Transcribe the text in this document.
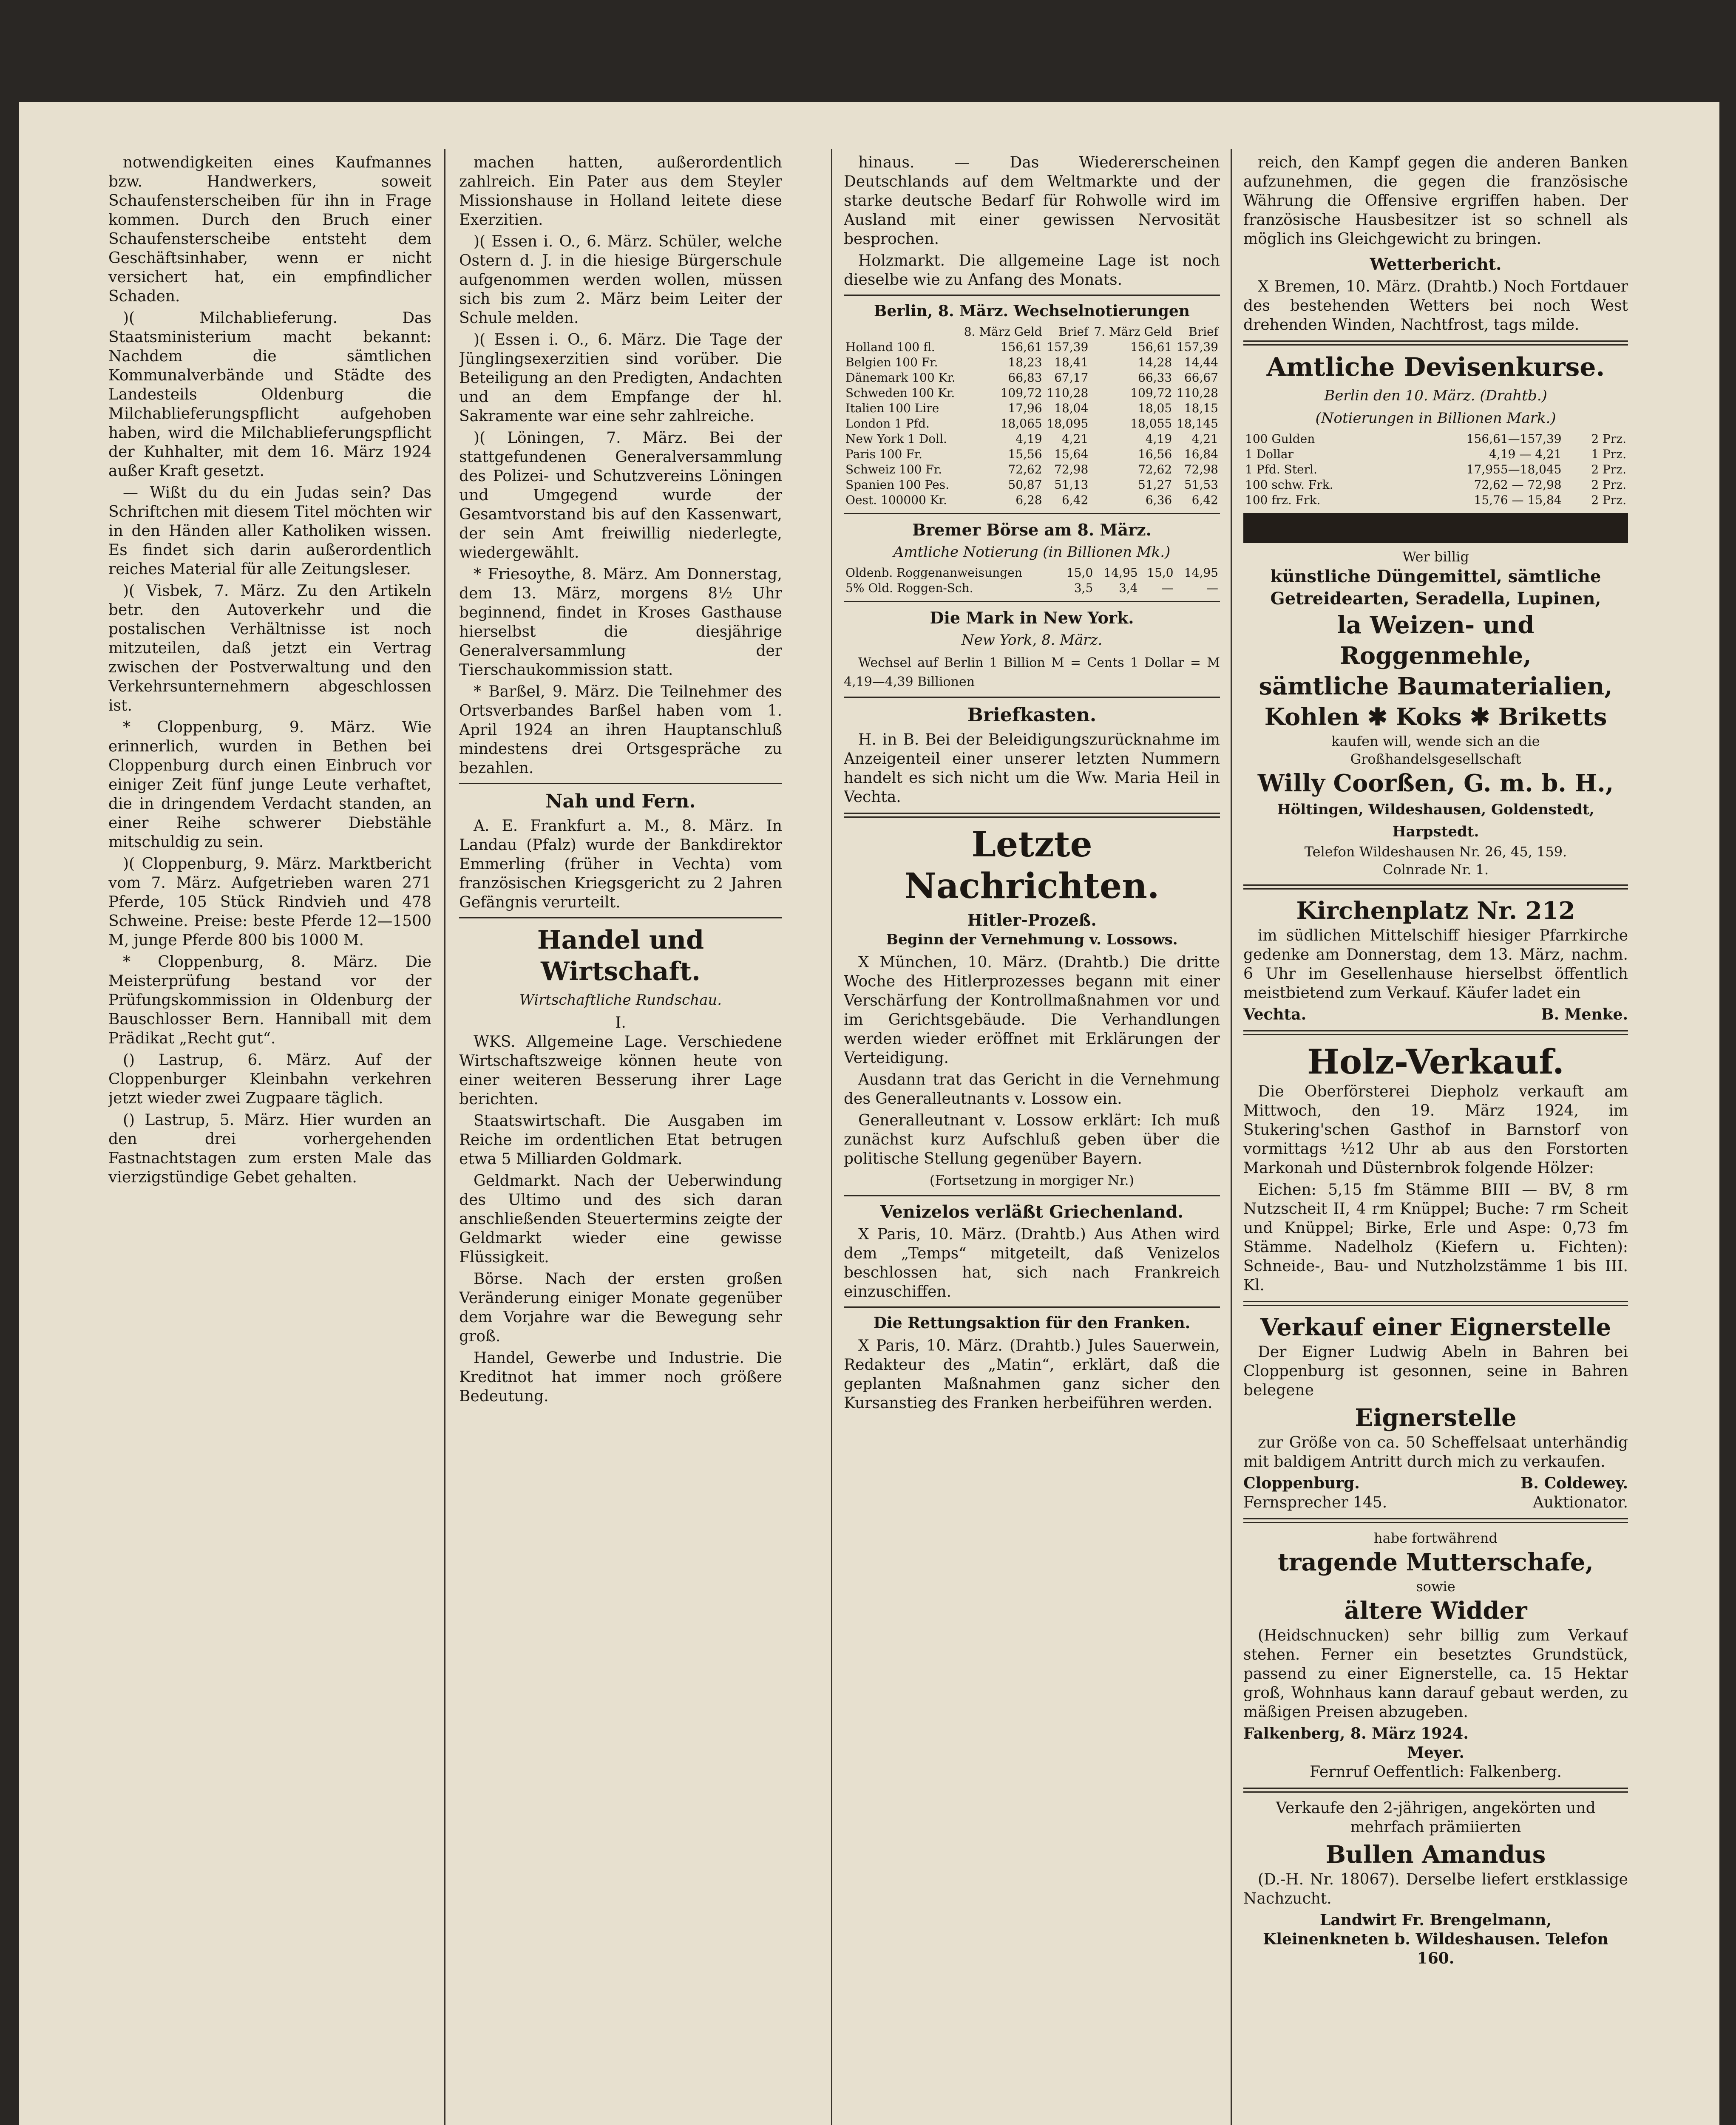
notwendigkeiten eines Kaufmannes bzw. Handwerkers, soweit Schaufensterscheiben für ihn in Frage kommen. Durch den Bruch einer Schaufensterscheibe entsteht dem Geschäftsinhaber, wenn er nicht versichert hat, ein empfindlicher Schaden.

)( Milchablieferung. Das Staatsministerium macht bekannt: Nachdem die sämtlichen Kommunalverbände und Städte des Landesteils Oldenburg die Milchablieferungspflicht aufgehoben haben, wird die Milchablieferungspflicht der Kuhhalter, mit dem 16. März 1924 außer Kraft gesetzt.

— Wißt du du ein Judas sein? Das Schriftchen mit diesem Titel möchten wir in den Händen aller Katholiken wissen. Es findet sich darin außerordentlich reiches Material für alle Zeitungsleser.

)( Visbek, 7. März. Zu den Artikeln betr. den Autoverkehr und die postalischen Verhältnisse ist noch mitzuteilen, daß jetzt ein Vertrag zwischen der Postverwaltung und den Verkehrsunternehmern abgeschlossen ist.

* Cloppenburg, 9. März. Wie erinnerlich, wurden in Bethen bei Cloppenburg durch einen Einbruch vor einiger Zeit fünf junge Leute verhaftet, die in dringendem Verdacht standen, an einer Reihe schwerer Diebstähle mitschuldig zu sein.

)( Cloppenburg, 9. März. Marktbericht vom 7. März. Aufgetrieben waren 271 Pferde, 105 Stück Rindvieh und 478 Schweine. Preise: beste Pferde 12—1500 M, junge Pferde 800 bis 1000 M.

* Cloppenburg, 8. März. Die Meisterprüfung bestand vor der Prüfungskommission in Oldenburg der Bauschlosser Bern. Hanniball mit dem Prädikat „Recht gut“.

() Lastrup, 6. März. Auf der Cloppenburger Kleinbahn verkehren jetzt wieder zwei Zugpaare täglich.

() Lastrup, 5. März. Hier wurden an den drei vorhergehenden Fastnachtstagen zum ersten Male das vierzigstündige Gebet gehalten.

machen hatten, außerordentlich zahlreich. Ein Pater aus dem Steyler Missionshause in Holland leitete diese Exerzitien.

)( Essen i. O., 6. März. Schüler, welche Ostern d. J. in die hiesige Bürgerschule aufgenommen werden wollen, müssen sich bis zum 2. März beim Leiter der Schule melden.

)( Essen i. O., 6. März. Die Tage der Jünglingsexerzitien sind vorüber. Die Beteiligung an den Predigten, Andachten und an dem Empfange der hl. Sakramente war eine sehr zahlreiche.

)( Löningen, 7. März. Bei der stattgefundenen Generalversammlung des Polizei- und Schutzvereins Löningen und Umgegend wurde der Gesamtvorstand bis auf den Kassenwart, der sein Amt freiwillig niederlegte, wiedergewählt.

* Friesoythe, 8. März. Am Donnerstag, dem 13. März, morgens 8½ Uhr beginnend, findet in Kroses Gasthause hierselbst die diesjährige Generalversammlung der Tierschaukommission statt.

* Barßel, 9. März. Die Teilnehmer des Ortsverbandes Barßel haben vom 1. April 1924 an ihren Hauptanschluß mindestens drei Ortsgespräche zu bezahlen.

Nah und Fern.

A. E. Frankfurt a. M., 8. März. In Landau (Pfalz) wurde der Bankdirektor Emmerling (früher in Vechta) vom französischen Kriegsgericht zu 2 Jahren Gefängnis verurteilt.

Handel und Wirtschaft.
Wirtschaftliche Rundschau.
I.

WKS. Allgemeine Lage. Verschiedene Wirtschaftszweige können heute von einer weiteren Besserung ihrer Lage berichten.

Staatswirtschaft. Die Ausgaben im Reiche im ordentlichen Etat betrugen etwa 5 Milliarden Goldmark.

Geldmarkt. Nach der Ueberwindung des Ultimo und des sich daran anschließenden Steuertermins zeigte der Geldmarkt wieder eine gewisse Flüssigkeit.

Börse. Nach der ersten großen Veränderung einiger Monate gegenüber dem Vorjahre war die Bewegung sehr groß.

Handel, Gewerbe und Industrie. Die Kreditnot hat immer noch größere Bedeutung.

hinaus. — Das Wiedererscheinen Deutschlands auf dem Weltmarkte und der starke deutsche Bedarf für Rohwolle wird im Ausland mit einer gewissen Nervosität besprochen.

Holzmarkt. Die allgemeine Lage ist noch dieselbe wie zu Anfang des Monats.

Berlin, 8. März. Wechselnotierungen
	8. März Geld	Brief	7. März Geld	Brief
Holland 100 fl.	156,61	157,39	156,61	157,39
Belgien 100 Fr.	18,23	18,41	14,28	14,44
Dänemark 100 Kr.	66,83	67,17	66,33	66,67
Schweden 100 Kr.	109,72	110,28	109,72	110,28
Italien 100 Lire	17,96	18,04	18,05	18,15
London 1 Pfd.	18,065	18,095	18,055	18,145
New York 1 Doll.	4,19	4,21	4,19	4,21
Paris 100 Fr.	15,56	15,64	16,56	16,84
Schweiz 100 Fr.	72,62	72,98	72,62	72,98
Spanien 100 Pes.	50,87	51,13	51,27	51,53
Oest. 100000 Kr.	6,28	6,42	6,36	6,42
Bremer Börse am 8. März.
Amtliche Notierung (in Billionen Mk.)
Oldenb. Roggenanweisungen	15,0	14,95	15,0	14,95
5% Old. Roggen-Sch.	3,5	3,4	—	—
Die Mark in New York.
New York, 8. März.

Wechsel auf Berlin 1 Billion M = Cents 1 Dollar = M 4,19—4,39 Billionen

Briefkasten.

H. in B. Bei der Beleidigungszurücknahme im Anzeigenteil einer unserer letzten Nummern handelt es sich nicht um die Ww. Maria Heil in Vechta.

Letzte Nachrichten.
Hitler-Prozeß.
Beginn der Vernehmung v. Lossows.

X München, 10. März. (Drahtb.) Die dritte Woche des Hitlerprozesses begann mit einer Verschärfung der Kontrollmaßnahmen vor und im Gerichtsgebäude. Die Verhandlungen werden wieder eröffnet mit Erklärungen der Verteidigung.

Ausdann trat das Gericht in die Vernehmung des Generalleutnants v. Lossow ein.

Generalleutnant v. Lossow erklärt: Ich muß zunächst kurz Aufschluß geben über die politische Stellung gegenüber Bayern.

(Fortsetzung in morgiger Nr.)
Venizelos verläßt Griechenland.

X Paris, 10. März. (Drahtb.) Aus Athen wird dem „Temps“ mitgeteilt, daß Venizelos beschlossen hat, sich nach Frankreich einzuschiffen.

Die Rettungsaktion für den Franken.

X Paris, 10. März. (Drahtb.) Jules Sauerwein, Redakteur des „Matin“, erklärt, daß die geplanten Maßnahmen ganz sicher den Kursanstieg des Franken herbeiführen werden.

reich, den Kampf gegen die anderen Banken aufzunehmen, die gegen die französische Währung die Offensive ergriffen haben. Der französische Hausbesitzer ist so schnell als möglich ins Gleichgewicht zu bringen.

Wetterbericht.

X Bremen, 10. März. (Drahtb.) Noch Fortdauer des bestehenden Wetters bei noch West drehenden Winden, Nachtfrost, tags milde.

Amtliche Devisenkurse.
Berlin den 10. März. (Drahtb.)
(Notierungen in Billionen Mark.)
100 Gulden	156,61—157,39	2 Prz.
1 Dollar	4,19 — 4,21	1 Prz.
1 Pfd. Sterl.	17,955—18,045	2 Prz.
100 schw. Frk.	72,62 — 72,98	2 Prz.
100 frz. Frk.	15,76 — 15,84	2 Prz.
Wer billig
künstliche Düngemittel, sämtliche
Getreidearten, Seradella, Lupinen,
la Weizen- und Roggenmehle,
sämtliche Baumaterialien,
Kohlen ✱ Koks ✱ Briketts
kaufen will, wende sich an die
Großhandelsgesellschaft
Willy Coorßen, G. m. b. H.,
Höltingen, Wildeshausen, Goldenstedt, Harpstedt.
Telefon Wildeshausen Nr. 26, 45, 159.
Colnrade Nr. 1.
Kirchenplatz Nr. 212

im südlichen Mittelschiff hiesiger Pfarrkirche gedenke am Donnerstag, dem 13. März, nachm. 6 Uhr im Gesellenhause hierselbst öffentlich meistbietend zum Verkauf. Käufer ladet ein

Vechta.	B. Menke.
Holz-Verkauf.

Die Oberförsterei Diepholz verkauft am Mittwoch, den 19. März 1924, im Stukering'schen Gasthof in Barnstorf von vormittags ½12 Uhr ab aus den Forstorten Markonah und Düsternbrok folgende Hölzer:

Eichen: 5,15 fm Stämme BIII — BV, 8 rm Nutzscheit II, 4 rm Knüppel; Buche: 7 rm Scheit und Knüppel; Birke, Erle und Aspe: 0,73 fm Stämme. Nadelholz (Kiefern u. Fichten): Schneide-, Bau- und Nutzholzstämme 1 bis III. Kl.

Verkauf einer Eignerstelle

Der Eigner Ludwig Abeln in Bahren bei Cloppenburg ist gesonnen, seine in Bahren belegene

Eignerstelle

zur Größe von ca. 50 Scheffelsaat unterhändig mit baldigem Antritt durch mich zu verkaufen.

Cloppenburg.	B. Coldewey.
Fernsprecher 145.	Auktionator.
habe fortwährend
tragende Mutterschafe,
sowie
ältere Widder

(Heidschnucken) sehr billig zum Verkauf stehen. Ferner ein besetztes Grundstück, passend zu einer Eignerstelle, ca. 15 Hektar groß, Wohnhaus kann darauf gebaut werden, zu mäßigen Preisen abzugeben.

Falkenberg, 8. März 1924.
Meyer.
Fernruf Oeffentlich: Falkenberg.

Verkaufe den 2-jährigen, angekörten und mehrfach prämiierten

Bullen Amandus

(D.-H. Nr. 18067). Derselbe liefert erstklassige Nachzucht.

Landwirt Fr. Brengelmann,
Kleinenkneten b. Wildeshausen. Telefon 160.
